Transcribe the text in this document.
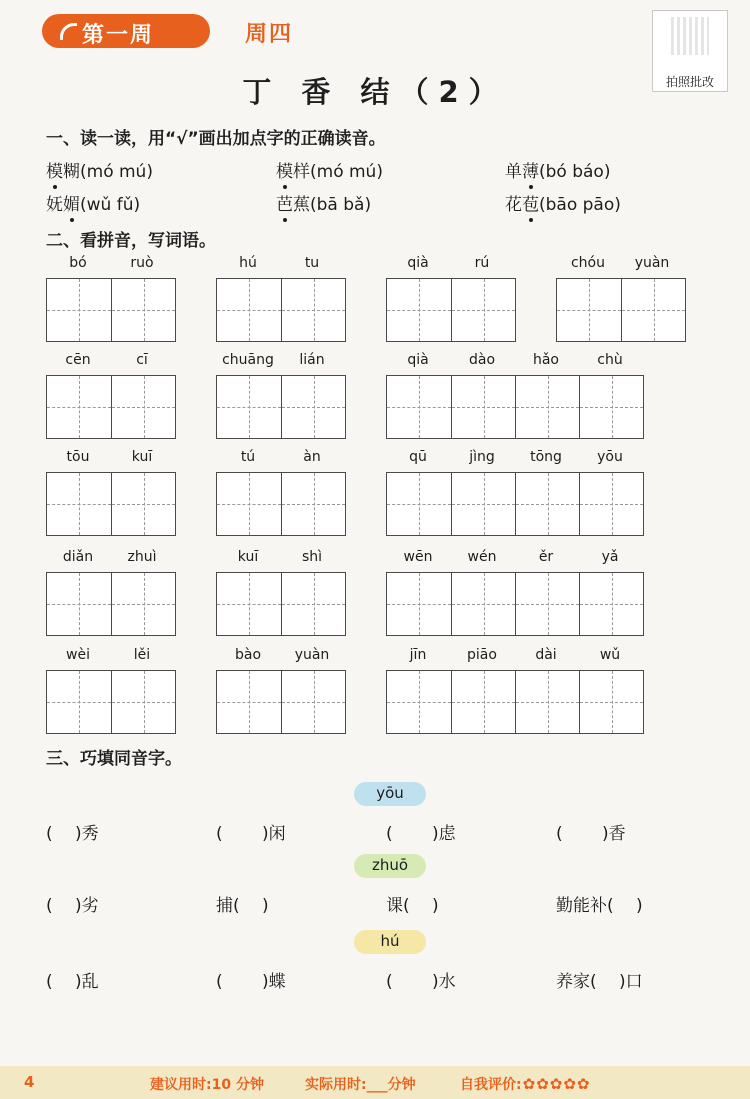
第一周	周四
拍照批改
丁 香 结（2）
一、读一读，用“√”画出加点字的正确读音。
模糊(mó mú)	模样(mó mú)	单薄(bó báo)
妩媚(wǔ fǔ)	芭蕉(bā bǎ)	花苞(bāo pāo)
二、看拼音，写词语。
bó	ruò	hú	tu	qià	rú	chóu	yuàn
cēn	cī	chuāng	lián	qià	dào	hǎo	chù
tōu	kuī	tú	àn	qū	jìng	tōng	yōu
diǎn	zhuì	kuī	shì	wēn	wén	ěr	yǎ
wèi	lěi	bào	yuàn	jīn	piāo	dài	wǔ
三、巧填同音字。
yōu
(　 )秀	(　　 )闲	(　　 )虑	(　　 )香
zhuō
(　 )劣	捕(　 )	课(　 )	勤能补(　 )
hú
(　 )乱	(　　 )蝶	(　　 )水	养家(　 )口
4	建议用时:10 分钟	实际用时:___分钟	自我评价:✿✿✿✿✿
